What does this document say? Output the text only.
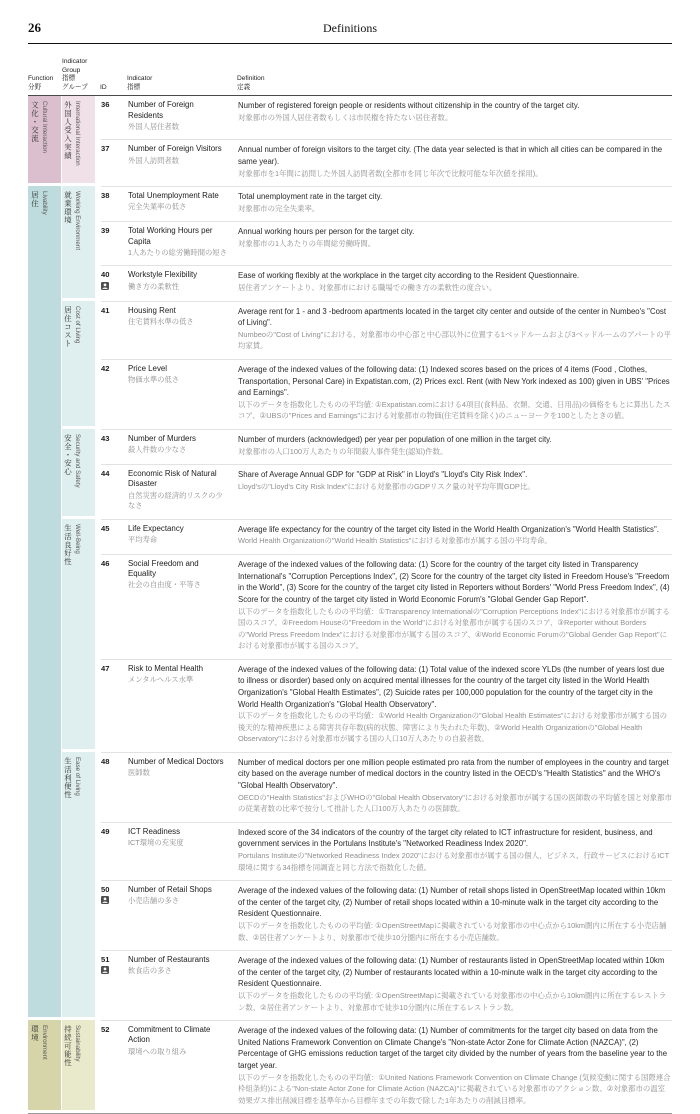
26	Definitions
Function
分野
Indicator
Group
指標
グループ	ID
Indicator
指標
Definition
定義
文化・交流 Cultural Interaction 外国人受入実績 International Interaction	36 Number of Foreign Residents
外国人居住者数
Number of registered foreign people or residents without citizenship in the country of the target city.
対象都市の外国人居住者数もしくは市民権を持たない居住者数。
37 Number of Foreign Visitors
外国人訪問者数
Annual number of foreign visitors to the target city. (The data year selected is that in which all cities can be compared in the same year).
対象都市を1年間に訪問した外国人訪問者数(全都市を同じ年次で比較可能な年次値を採用)。
居住 Livability 就業環境 Working Environment	38 Total Unemployment Rate
完全失業率の低さ
Total unemployment rate in the target city.
対象都市の完全失業率。
39 Total Working Hours per Capita
1人あたりの総労働時間の短さ
Annual working hours per person for the target city.
対象都市の1人あたりの年間総労働時間。
40 Workstyle Flexibility
働き方の柔軟性
Ease of working flexibly at the workplace in the target city according to the Resident Questionnaire.
居住者アンケートより、対象都市における職場での働き方の柔軟性の度合い。
居住コスト Cost of Living	41 Housing Rent
住宅賃料水準の低さ
Average rent for 1 - and 3 -bedroom apartments located in the target city center and outside of the center in Numbeo's "Cost of Living".
Numbeoの"Cost of Living"における、対象都市の中心部と中心部以外に位置する1ベッドルームおよび3ベッドルームのアパートの平均家賃。
42 Price Level
物価水準の低さ
Average of the indexed values of the following data: (1) Indexed scores based on the prices of 4 items (Food , Clothes, Transportation, Personal Care) in Expatistan.com, (2) Prices excl. Rent (with New York indexed as 100) given in UBS' "Prices and Earnings".
以下のデータを指数化したものの平均値: ①Expatistan.comにおける4項目(食料品、衣類、交通、日用品)の価格をもとに算出したスコア、②UBSの"Prices and Earnings"における対象都市の物価(住宅賃料を除く)のニューヨークを100としたときの値。
安全・安心 Security and Safety	43 Number of Murders
殺人件数の少なさ
Number of murders (acknowledged) per year per population of one million in the target city.
対象都市の人口100万人あたりの年間殺人事件発生(認知)件数。
44 Economic Risk of Natural Disaster
自然災害の経済的リスクの少なさ
Share of Average Annual GDP for "GDP at Risk" in Lloyd's "Lloyd's City Risk Index".
Lloyd'sの"Lloyd's City Risk Index"における対象都市のGDPリスク量の対平均年間GDP比。
生活良好性 Well-Being	45 Life Expectancy
平均寿命
Average life expectancy for the country of the target city listed in the World Health Organization's "World Health Statistics".
World Health Organizationの"World Health Statistics"における対象都市が属する国の平均寿命。
46 Social Freedom and Equality
社会の自由度・平等さ
Average of the indexed values of the following data: (1) Score for the country of the target city listed in Transparency International's "Corruption Perceptions Index", (2) Score for the country of the target city listed in Freedom House's "Freedom in the World", (3) Score for the country of the target city listed in Reporters without Borders' "World Press Freedom Index", (4) Score for the country of the target city listed in World Economic Forum's "Global Gender Gap Report".
以下のデータを指数化したものの平均値：①Transparency Internationalの"Corruption Perceptions Index"における対象都市が属する国のスコア、②Freedom Houseの"Freedom in the World"における対象都市が属する国のスコア、③Reporter without Bordersの"World Press Freedom Index"における対象都市が属する国のスコア、④World Economic Forumの"Global Gender Gap Report"における対象都市が属する国のスコア。
47 Risk to Mental Health
メンタルヘルス水準
Average of the indexed values of the following data: (1) Total value of the indexed score YLDs (the number of years lost due to illness or disorder) based only on acquired mental illnesses for the country of the target city listed in the World Health Organization's "Global Health Estimates", (2) Suicide rates per 100,000 population for the country of the target city in the World Health Organization's "Global Health Observatory".
以下のデータを指数化したものの平均値：①World Health Organizationの"Global Health Estimates"における対象都市が属する国の後天的な精神疾患による障害共存年数(病的状態、障害により失われた年数)、②World Health Organizationの"Global Health Observatory"における対象都市が属する国の人口10万人あたりの自殺者数。
生活利便性 Ease of Living	48 Number of Medical Doctors
医師数
Number of medical doctors per one million people estimated pro rata from the number of employees in the country and target city based on the average number of medical doctors in the country listed in the OECD's "Health Statistics" and the WHO's "Global Health Observatory".
OECDの"Health Statistics"およびWHOの"Global Health Observatory"における対象都市が属する国の医師数の平均値を国と対象都市の従業者数の比率で按分して推計した人口100万人あたりの医師数。
49 ICT Readiness
ICT環境の充実度
Indexed score of the 34 indicators of the country of the target city related to ICT infrastructure for resident, business, and government services in the Portulans Institute's "Networked Readiness Index 2020".
Portulans Instituteの"Networked Readiness Index 2020"における対象都市が属する国の個人、ビジネス、行政サービスにおけるICT環境に関する34指標を同調査と同じ方法で指数化した値。
50 Number of Retail Shops
小売店舗の多さ
Average of the indexed values of the following data: (1) Number of retail shops listed in OpenStreetMap located within 10km of the center of the target city, (2) Number of retail shops located within a 10-minute walk in the target city according to the Resident Questionnaire.
以下のデータを指数化したものの平均値: ①OpenStreetMapに掲載されている対象都市の中心点から10km圏内に所在する小売店舗数、②居住者アンケートより、対象都市で徒歩10分圏内に所在する小売店舗数。
51 Number of Restaurants
飲食店の多さ
Average of the indexed values of the following data: (1) Number of restaurants listed in OpenStreetMap located within 10km of the center of the target city, (2) Number of restaurants located within a 10-minute walk in the target city according to the Resident Questionnaire.
以下のデータを指数化したものの平均値: ①OpenStreetMapに掲載されている対象都市の中心点から10km圏内に所在するレストラン数、②居住者アンケートより、対象都市で徒歩10分圏内に所在するレストラン数。
環境 Environment 持続可能性 Sustainability	52 Commitment to Climate Action
環境への取り組み
Average of the indexed values of the following data: (1) Number of commitments for the target city based on data from the United Nations Framework Convention on Climate Change's "Non-state Actor Zone for Climate Action (NAZCA)", (2) Percentage of GHG emissions reduction target of the target city divided by the number of years from the baseline year to the target year.
以下のデータを指数化したものの平均値：①United Nations Framework Convention on Climate Change (気候変動に関する国際連合枠組条約)による"Non-state Actor Zone for Climate Action (NAZCA)"に掲載されている対象都市のアクション数、②対象都市の温室効果ガス排出削減目標を基準年から目標年までの年数で除した1年あたりの削減目標率。
